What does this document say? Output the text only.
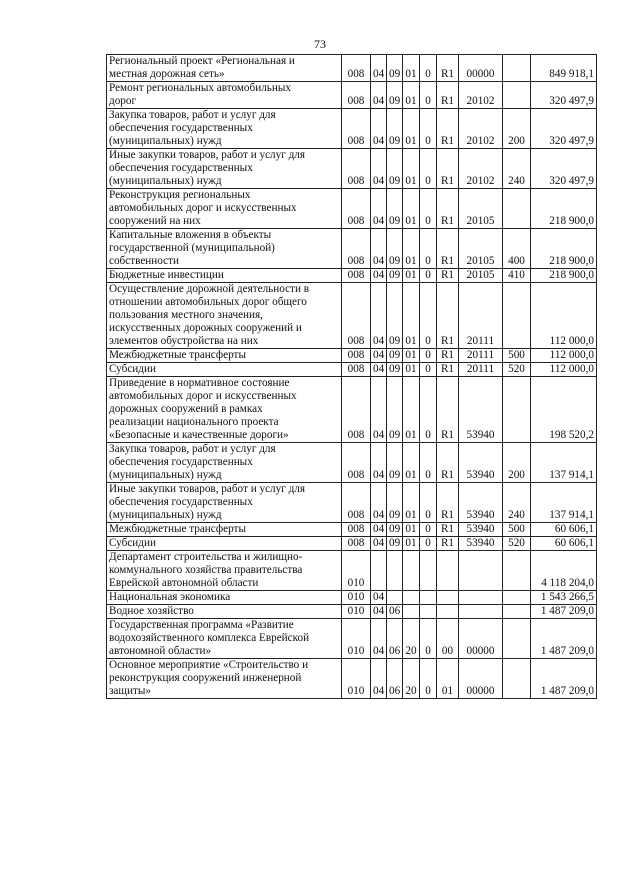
73
Региональный проект «Региональная и
местная дорожная сеть»	008	04	09	01	0	R1	00000		849 918,1

Ремонт региональных автомобильных
дорог	008	04	09	01	0	R1	20102		320 497,9

Закупка товаров, работ и услуг для
обеспечения государственных
(муниципальных) нужд	008	04	09	01	0	R1	20102	200	320 497,9

Иные закупки товаров, работ и услуг для
обеспечения государственных
(муниципальных) нужд	008	04	09	01	0	R1	20102	240	320 497,9

Реконструкция региональных
автомобильных дорог и искусственных
сооружений на них	008	04	09	01	0	R1	20105		218 900,0

Капитальные вложения в объекты
государственной (муниципальной)
собственности	008	04	09	01	0	R1	20105	400	218 900,0

Бюджетные инвестиции	008	04	09	01	0	R1	20105	410	218 900,0

Осуществление дорожной деятельности в
отношении автомобильных дорог общего
пользования местного значения,
искусственных дорожных сооружений и
элементов обустройства на них	008	04	09	01	0	R1	20111		112 000,0

Межбюджетные трансферты	008	04	09	01	0	R1	20111	500	112 000,0

Субсидии	008	04	09	01	0	R1	20111	520	112 000,0

Приведение в нормативное состояние
автомобильных дорог и искусственных
дорожных сооружений в рамках
реализации национального проекта
«Безопасные и качественные дороги»	008	04	09	01	0	R1	53940		198 520,2

Закупка товаров, работ и услуг для
обеспечения государственных
(муниципальных) нужд	008	04	09	01	0	R1	53940	200	137 914,1

Иные закупки товаров, работ и услуг для
обеспечения государственных
(муниципальных) нужд	008	04	09	01	0	R1	53940	240	137 914,1

Межбюджетные трансферты	008	04	09	01	0	R1	53940	500	60 606,1

Субсидии	008	04	09	01	0	R1	53940	520	60 606,1

Департамент строительства и жилищно-
коммунального хозяйства правительства
Еврейской автономной области	010								4 118 204,0

Национальная экономика	010	04							1 543 266,5

Водное хозяйство	010	04	06						1 487 209,0

Государственная программа «Развитие
водохозяйственного комплекса Еврейской
автономной области»	010	04	06	20	0	00	00000		1 487 209,0

Основное мероприятие «Строительство и
реконструкция сооружений инженерной
защиты»	010	04	06	20	0	01	00000		1 487 209,0
